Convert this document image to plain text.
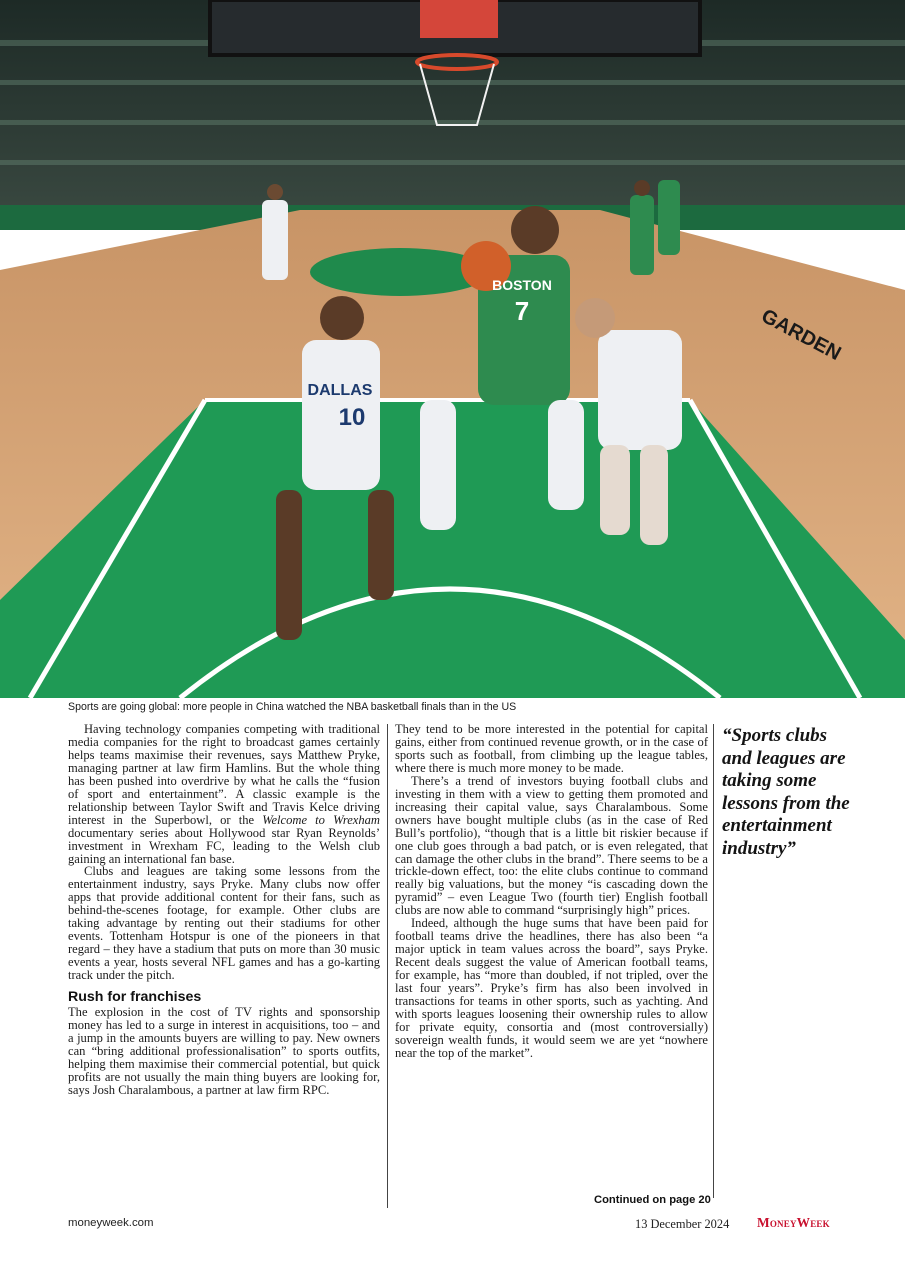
GARDEN
DALLAS
10
BOSTON
7
Sports are going global: more people in China watched the NBA basketball finals than in the US

Having technology companies competing with traditional media companies for the right to broadcast games certainly helps teams maximise their revenues, says Matthew Pryke, managing partner at law firm Hamlins. But the whole thing has been pushed into overdrive by what he calls the “fusion of sport and entertainment”. A classic example is the relationship between Taylor Swift and Travis Kelce driving interest in the Superbowl, or the Welcome to Wrexham documentary series about Hollywood star Ryan Reynolds’ investment in Wrexham FC, leading to the Welsh club gaining an international fan base.

Clubs and leagues are taking some lessons from the entertainment industry, says Pryke. Many clubs now offer apps that provide additional content for their fans, such as behind-the-scenes footage, for example. Other clubs are taking advantage by renting out their stadiums for other events. Tottenham Hotspur is one of the pioneers in that regard – they have a stadium that puts on more than 30 music events a year, hosts several NFL games and has a go-karting track under the pitch.

Rush for franchises

The explosion in the cost of TV rights and sponsorship money has led to a surge in interest in acquisitions, too – and a jump in the amounts buyers are willing to pay. New owners can “bring additional professionalisation” to sports outfits, helping them maximise their commercial potential, but quick profits are not usually the main thing buyers are looking for, says Josh Charalambous, a partner at law firm RPC.

They tend to be more interested in the potential for capital gains, either from continued revenue growth, or in the case of sports such as football, from climbing up the league tables, where there is much more money to be made.

There’s a trend of investors buying football clubs and investing in them with a view to getting them promoted and increasing their capital value, says Charalambous. Some owners have bought multiple clubs (as in the case of Red Bull’s portfolio), “though that is a little bit riskier because if one club goes through a bad patch, or is even relegated, that can damage the other clubs in the brand”. There seems to be a trickle-down effect, too: the elite clubs continue to command really big valuations, but the money “is cascading down the pyramid” – even League Two (fourth tier) English football clubs are now able to command “surprisingly high” prices.

Indeed, although the huge sums that have been paid for football teams drive the headlines, there has also been “a major uptick in team values across the board”, says Pryke. Recent deals suggest the value of American football teams, for example, has “more than doubled, if not tripled, over the last four years”. Pryke’s firm has also been involved in transactions for teams in other sports, such as yachting. And with sports leagues loosening their ownership rules to allow for private equity, consortia and (most controversially) sovereign wealth funds, it would seem we are yet “nowhere near the top of the market”.

“Sports clubs and leagues are taking some lessons from the entertainment industry”
Continued on page 20
moneyweek.com	13 December 2024 MoneyWeek
